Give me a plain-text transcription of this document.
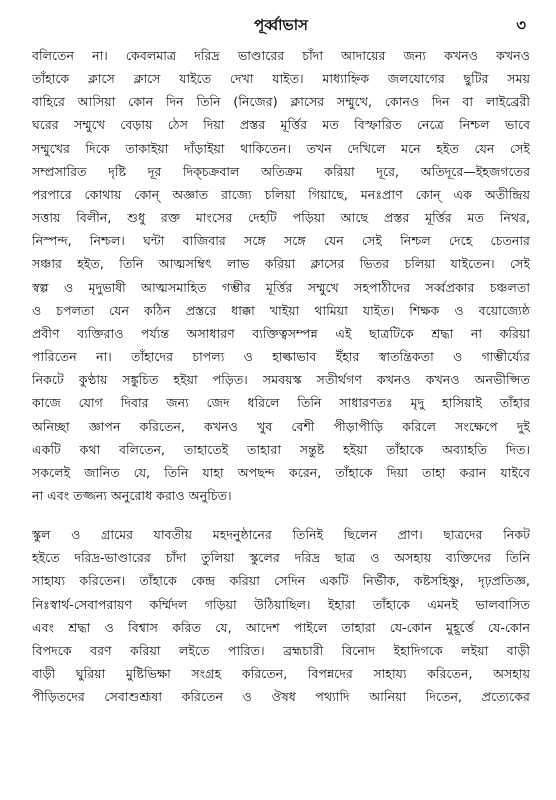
পূর্ব্বাভাস	৩
বলিতেন না। কেবলমাত্র দরিদ্র ভাণ্ডারের চাঁদা আদায়ের জন্য কখনও কখনও
তাঁহাকে ক্লাসে ক্লাসে যাইতে দেখা যাইত। মাধ্যাহ্নিক জলযোগের ছুটির সময়
বাহিরে আসিয়া কোন দিন তিনি (নিজের) ক্লাসের সম্মুখে, কোনও দিন বা লাইব্রেরী
ঘরের সম্মুখে বেড়ায় ঠেস দিয়া প্রস্তর মূর্ত্তির মত বিস্ফারিত নেত্রে নিশ্চল ভাবে
সম্মুখের দিকে তাকাইয়া দাঁড়াইয়া থাকিতেন। তখন দেখিলে মনে হইত যেন সেই
সম্প্রসারিত দৃষ্টি দূর দিক্চক্রবাল অতিক্রম করিয়া দূরে, অতিদূরে—ইহজগতের
পরপারে কোথায় কোন্ অজ্ঞাত রাজ্যে চলিয়া গিয়াছে, মনঃপ্রাণ কোন্ এক অতীন্দ্রিয়
সত্তায় বিলীন, শুধু রক্ত মাংসের দেহটি পড়িয়া আছে প্রস্তর মূর্ত্তির মত নিথর,
নিস্পন্দ, নিশ্চল। ঘন্টা বাজিবার সঙ্গে সঙ্গে যেন সেই নিশ্চল দেহে চেতনার
সঞ্চার হইত, তিনি আত্মসম্বিৎ লাভ করিয়া ক্লাসের ভিতর চলিয়া যাইতেন। সেই
স্বল্প ও মৃদুভাষী আত্মসমাহিত গম্ভীর মূর্ত্তির সম্মুখে সহপাঠীদের সর্ব্বপ্রকার চঞ্চলতা
ও চপলতা যেন কঠিন প্রস্তরে ধাক্কা খাইয়া থামিয়া যাইত। শিক্ষক ও বয়োজ্যেষ্ঠ
প্রবীণ ব্যক্তিরাও পর্য্যন্ত অসাধারণ ব্যক্তিত্বসম্পন্ন এই ছাত্রটিকে শ্রদ্ধা না করিয়া
পারিতেন না। তাঁহাদের চাপল্য ও হাল্কাভাব ইঁহার স্বাতন্ত্রিকতা ও গাম্ভীর্য্যের
নিকটে কুণ্ঠায় সঙ্কুচিত হইয়া পড়িত। সমবয়স্ক সতীর্থগণ কখনও কখনও অনভীপ্সিত
কাজে যোগ দিবার জন্য জেদ ধরিলে তিনি সাধারণতঃ মৃদু হাসিয়াই তাঁহার
অনিচ্ছা জ্ঞাপন করিতেন, কখনও খুব বেশী পীড়াপীড়ি করিলে সংক্ষেপে দুই
একটি কথা বলিতেন, তাহাতেই তাহারা সন্তুষ্ট হইয়া তাঁহাকে অব্যাহতি দিত।
সকলেই জানিত যে, তিনি যাহা অপছন্দ করেন, তাঁহাকে দিয়া তাহা করান যাইবে
না এবং তজ্জন্য অনুরোধ করাও অনুচিত।
স্কুল ও গ্রামের যাবতীয় মহদনুষ্ঠানের তিনিই ছিলেন প্রাণ। ছাত্রদের নিকট
হইতে দরিদ্র-ভাণ্ডারের চাঁদা তুলিয়া স্কুলের দরিদ্র ছাত্র ও অসহায় ব্যক্তিদের তিনি
সাহায্য করিতেন। তাঁহাকে কেন্দ্র করিয়া সেদিন একটি নির্ভীক, কষ্টসহিষ্ণু, দৃঢ়প্রতিজ্ঞ,
নিঃস্বার্থ-সেবাপরায়ণ কর্ম্মিদল গড়িয়া উঠিয়াছিল। ইহারা তাঁহাকে এমনই ভালবাসিত
এবং শ্রদ্ধা ও বিশ্বাস করিত যে, আদেশ পাইলে তাহারা যে-কোন মুহূর্ত্তে যে-কোন
বিপদকে বরণ করিয়া লইতে পারিত। ব্রহ্মচারী বিনোদ ইহাদিগকে লইয়া বাড়ী
বাড়ী ঘুরিয়া মুষ্টিভিক্ষা সংগ্রহ করিতেন, বিপন্নদের সাহায্য করিতেন, অসহায়
পীড়িতদের সেবাশুশ্রূষা করিতেন ও ঔষধ পথ্যাদি আনিয়া দিতেন, প্রত্যেকের
